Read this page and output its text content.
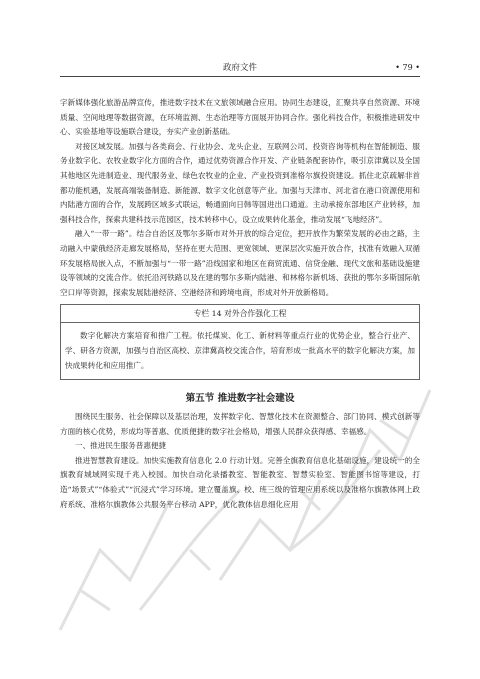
政府文件	• 79 •

字新媒体强化旅游品牌宣传，推进数字技术在文旅领域融合应用。协同生态建设，汇聚共享自然资源、环境质量、空间地理等数据资源，在环境监测、生态治理等方面展开协同合作。强化科技合作，积极推进研发中心、实验基地等设施联合建设，夯实产业创新基础。

对接区域发展。加强与各类商会、行业协会、龙头企业、互联网公司、投资咨询等机构在智能制造、服务业数字化、农牧业数字化方面的合作，通过优势资源合作开发、产业链条配套协作，吸引京津冀以及全国其他地区先进制造业、现代服务业、绿色农牧业的企业、产业投资到准格尔旗投资建设。抓住北京疏解非首都功能机遇，发展高端装备制造、新能源、数字文化创意等产业。加强与天津市、河北省在港口资源使用和内陆港方面的合作，发展跨区域多式联运，畅通面向日韩等国进出口通道。主动承接东部地区产业转移，加强科技合作，探索共建科技示范园区，技术转移中心，设立成果转化基金，推动发展“飞地经济”。

融入“一带一路”。结合自治区及鄂尔多斯市对外开放的综合定位，把开放作为繁荣发展的必由之路，主动融入中蒙俄经济走廊发展格局，坚持在更大范围、更宽领域、更深层次实施开放合作，找准有效融入双循环发展格局嵌入点，不断加强与“一带一路”沿线国家和地区在商贸流通、信贷金融、现代文旅和基础设施建设等领域的交流合作。依托沿河铁路以及在建的鄂尔多斯内陆港、和林格尔新机场、获批的鄂尔多斯国际航空口岸等资源，探索发展陆港经济、空港经济和跨境电商，形成对外开放新格局。

专栏 14 对外合作强化工程

数字化解决方案培育和推广工程。依托煤炭、化工、新材料等重点行业的优势企业，整合行业产、学、研各方资源，加强与自治区高校、京津冀高校交流合作，培育形成一批高水平的数字化解决方案，加快成果转化和应用推广。

第五节 推进数字社会建设

围绕民生服务、社会保障以及基层治理，发挥数字化、智慧化技术在资源整合、部门协同、模式创新等方面的核心优势，形成均等普惠、优质便捷的数字社会格局，增强人民群众获得感、幸福感。

一、推进民生服务普惠便捷

推进智慧教育建设。加快实施教育信息化 2.0 行动计划。完善全旗教育信息化基础设施，建设统一的全旗教育城域网实现千兆入校园。加快自动化录播教室、智能教室、智慧实验室、智能图书馆等建设，打造“场景式”“体验式”“沉浸式”学习环境。建立覆盖旗、校、班三级的管理应用系统以及准格尔旗教体网上政府系统、准格尔旗教体公共服务平台移动 APP，优化教体信息细化应用
